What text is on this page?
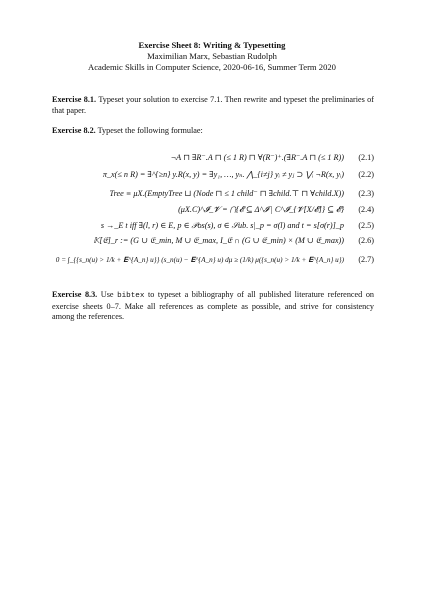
Exercise Sheet 8: Writing & Typesetting
Maximilian Marx, Sebastian Rudolph
Academic Skills in Computer Science, 2020-06-16, Summer Term 2020
Exercise 8.1. Typeset your solution to exercise 7.1. Then rewrite and typeset the preliminaries of that paper.
Exercise 8.2. Typeset the following formulae:
¬A ⊓ ∃R⁻.A ⊓ (≤ 1 R) ⊓ ∀(R⁻)⁺.(∃R⁻.A ⊓ (≤ 1 R))	(2.1)
π_x(≤ n R) = ∃^{≥n} y.R(x, y) = ∃y₁, …, yₙ. ⋀_{i≠j} yᵢ ≠ yⱼ ⊃ ⋁ᵢ ¬R(x, yᵢ)	(2.2)
Tree ≡ μX.(EmptyTree ⊔ (Node ⊓ ≤ 1 child⁻ ⊓ ∃child.⊤ ⊓ ∀child.X))	(2.3)
(μX.C)^𝓘_𝓥 = ⋂{𝓔 ⊆ Δ^𝓘 | C^𝓘_{𝓥[X/𝓔]} ⊆ 𝓔}	(2.4)
s →_E t iff ∃(l, r) ∈ E, p ∈ 𝒫os(s), σ ∈ 𝒮ub. s|_p = σ(l) and t = s[σ(r)]_p	(2.5)
𝕂[𝔈]_r := (G ∪ 𝔈_min, M ∪ 𝔈_max, I_𝔈 ∩ (G ∪ 𝔈_min) × (M ∪ 𝔈_max))	(2.6)
0 = ∫_{{s_n(u) > 1/k + 𝐄^{A_n} u}} (s_n(u) − 𝐄^{A_n} u) dμ ≥ (1/k) μ({s_n(u) > 1/k + 𝐄^{A_n} u})	(2.7)
Exercise 8.3. Use bibtex to typeset a bibliography of all published literature referenced on exercise sheets 0–7. Make all references as complete as possible, and strive for consistency among the references.
